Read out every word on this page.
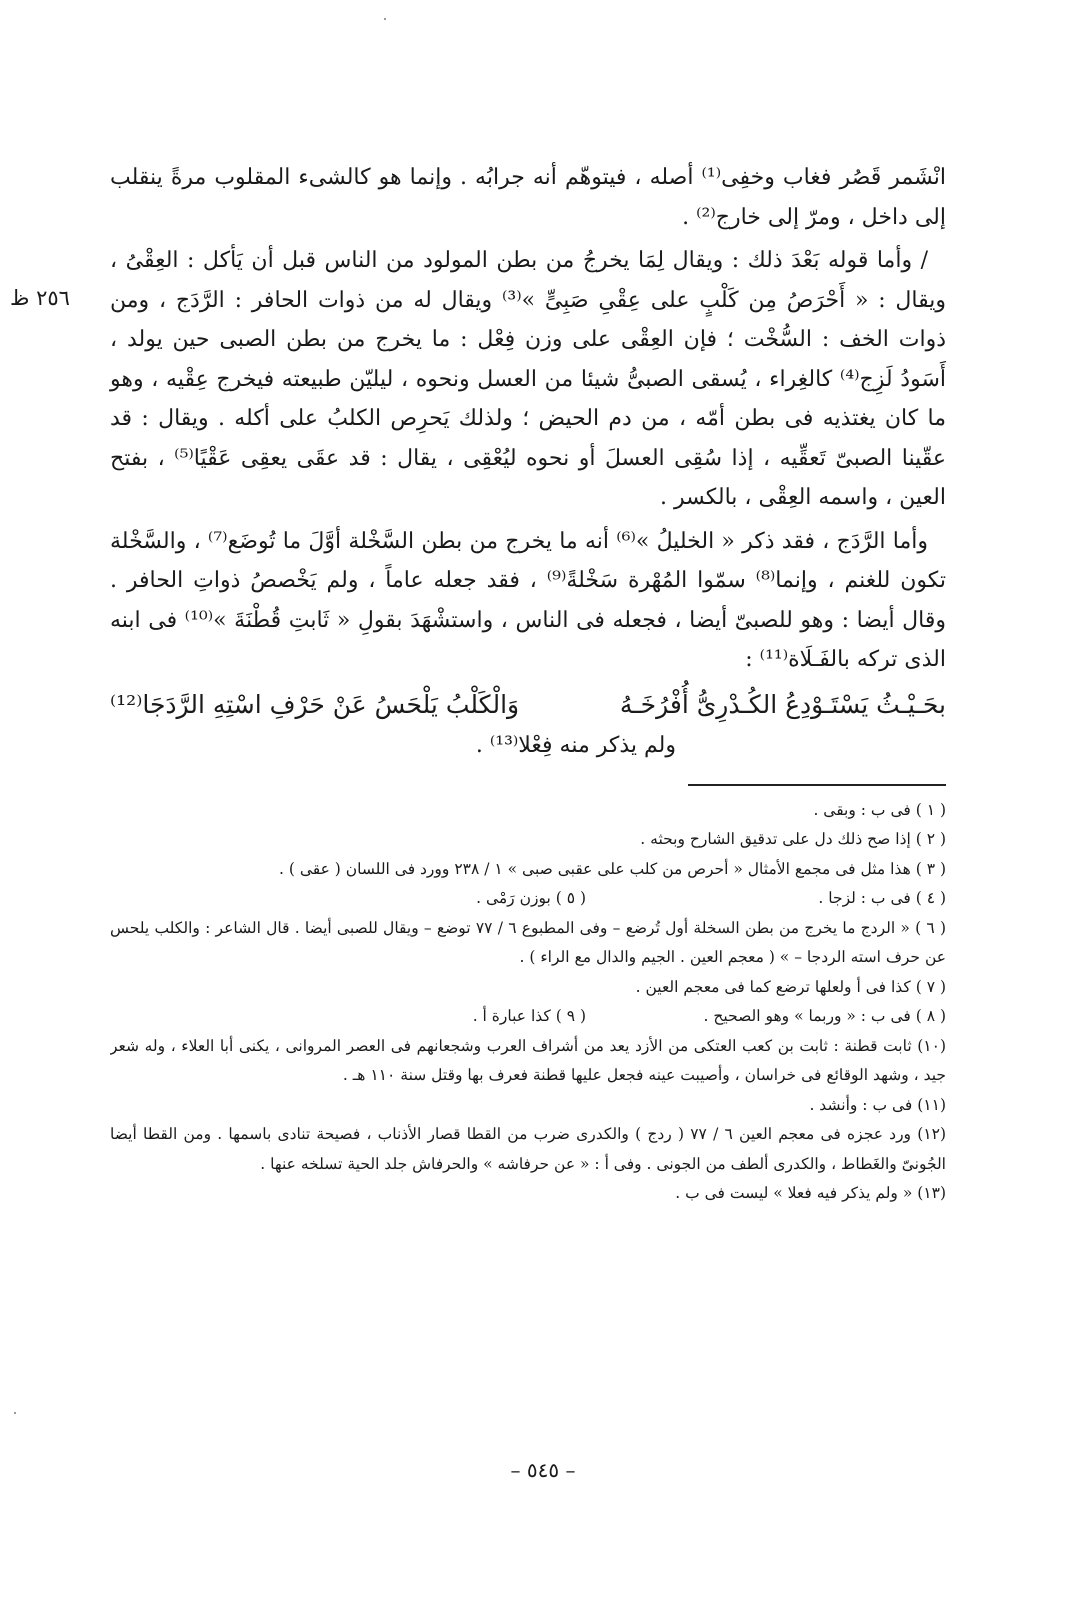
٢٥٦ ظ

انْشَمر قَصُر فغاب وخفِى⁽¹⁾ أصله ، فيتوهّم أنه جرابُه . وإنما هو كالشىء المقلوب مرةً ينقلب إلى داخل ، ومرّ إلى خارج⁽²⁾ .

/ وأما قوله بَعْدَ ذلك : ويقال لِمَا يخرجُ من بطن المولود من الناس قبل أن يَأكل : العِقْىُ ، ويقال : « أَحْرَصُ مِن كَلْبٍ على عِقْىِ صَبِىٍّ »⁽³⁾ ويقال له من ذوات الحافر : الرَّدَج ، ومن ذوات الخف : السُّخْت ؛ فإن العِقْى على وزن فِعْل : ما يخرج من بطن الصبى حين يولد ، أَسَودُ لَزِج⁽⁴⁾ كالغِراء ، يُسقى الصبىُّ شيئا من العسل ونحوه ، ليليّن طبيعته فيخرج عِقْيه ، وهو ما كان يغتذيه فى بطن أمّه ، من دم الحيض ؛ ولذلك يَحرِص الكلبُ على أكله . ويقال : قد عقّينا الصبىّ تَعقِّيه ، إذا سُقِى العسلَ أو نحوه ليُعْقِى ، يقال : قد عقَى يعقِى عَقْيًا⁽⁵⁾ ، بفتح العين ، واسمه العِقْى ، بالكسر .

وأما الرَّدَج ، فقد ذكر « الخليلُ »⁽⁶⁾ أنه ما يخرج من بطن السَّخْلة أوَّلَ ما تُوضَع⁽⁷⁾ ، والسَّخْلة تكون للغنم ، وإنما⁽⁸⁾ سمّوا المُهْرة سَخْلةً⁽⁹⁾ ، فقد جعله عاماً ، ولم يَخْصصُ ذواتِ الحافر . وقال أيضا : وهو للصبىّ أيضا ، فجعله فى الناس ، واستشْهَدَ بقولِ « ثَابتِ قُطْنَةَ »⁽¹⁰⁾ فى ابنه الذى تركه بالفَـلَاة⁽¹¹⁾ :

بحَـيْـثُ يَسْتَـوْدِعُ الكُـدْرِىُّ أُفْرُخَـهُ
وَالْكَلْبُ يَلْحَسُ عَنْ حَرْفِ اسْتِهِ الرَّدَجَا⁽¹²⁾
ولم يذكر منه فِعْلا⁽¹³⁾ .

( ١ ) فى ب : وبقى .

( ٢ ) إذا صح ذلك دل على تدقيق الشارح وبحثه .

( ٣ ) هذا مثل فى مجمع الأمثال « أحرص من كلب على عقبى صبى » ١ / ٢٣٨ وورد فى اللسان ( عقى ) .

( ٤ ) فى ب : لزجا .

( ٥ ) بوزن رَمْى .

( ٦ ) « الردج ما يخرج من بطن السخلة أول تُرضع – وفى المطبوع ٦ / ٧٧ توضع – ويقال للصبى أيضا . قال الشاعر : والكلب يلحس عن حرف استه الردجا – » ( معجم العين . الجيم والدال مع الراء ) .

( ٧ ) كذا فى أ ولعلها ترضع كما فى معجم العين .

( ٨ ) فى ب : « وربما » وهو الصحيح .

( ٩ ) كذا عبارة أ .

(١٠) ثابت قطنة : ثابت بن كعب العتكى من الأزد يعد من أشراف العرب وشجعانهم فى العصر المروانى ، يكنى أبا العلاء ، وله شعر جيد ، وشهد الوقائع فى خراسان ، وأصيبت عينه فجعل عليها قطنة فعرف بها وقتل سنة ١١٠ هـ .

(١١) فى ب : وأنشد .

(١٢) ورد عجزه فى معجم العين ٦ / ٧٧ ( ردج ) والكدرى ضرب من القطا قصار الأذناب ، فصيحة تنادى باسمها . ومن القطا أيضا الجُونىّ والغَطاط ، والكدرى ألطف من الجونى . وفى أ : « عن حرفاشه » والحرفاش جلد الحية تسلخه عنها .

(١٣) « ولم يذكر فيه فعلا » ليست فى ب .

– ٥٤٥ –
